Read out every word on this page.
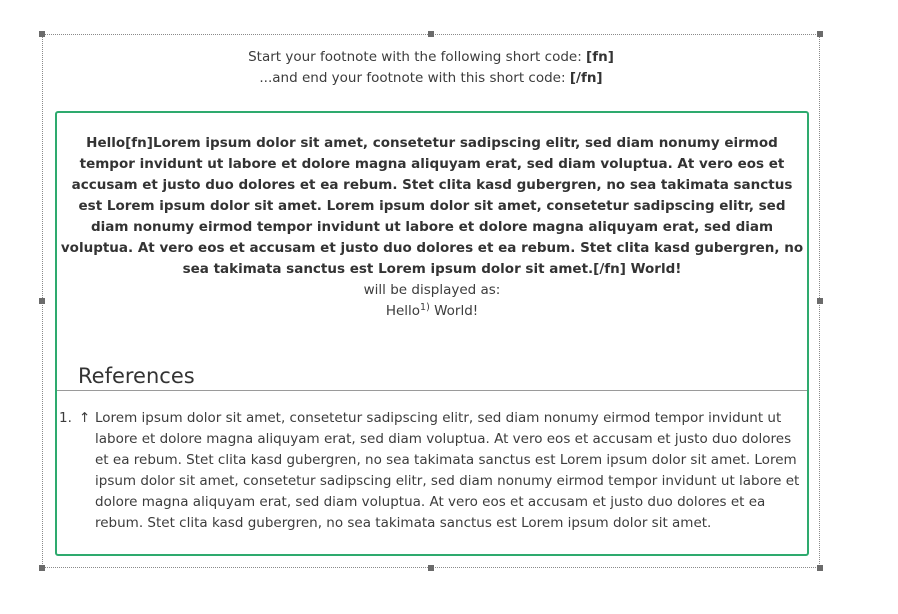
Start your footnote with the following short code: [fn]
...and end your footnote with this short code: [/fn]
Hello[fn]Lorem ipsum dolor sit amet, consetetur sadipscing elitr, sed diam nonumy eirmod tempor invidunt ut labore et dolore magna aliquyam erat, sed diam voluptua. At vero eos et accusam et justo duo dolores et ea rebum. Stet clita kasd gubergren, no sea takimata sanctus est Lorem ipsum dolor sit amet. Lorem ipsum dolor sit amet, consetetur sadipscing elitr, sed diam nonumy eirmod tempor invidunt ut labore et dolore magna aliquyam erat, sed diam voluptua. At vero eos et accusam et justo duo dolores et ea rebum. Stet clita kasd gubergren, no sea takimata sanctus est Lorem ipsum dolor sit amet.[/fn] World!
will be displayed as:
Hello$^{1)}$ World!
References
1. ↑ Lorem ipsum dolor sit amet, consetetur sadipscing elitr, sed diam nonumy eirmod tempor invidunt ut labore et dolore magna aliquyam erat, sed diam voluptua. At vero eos et accusam et justo duo dolores et ea rebum. Stet clita kasd gubergren, no sea takimata sanctus est Lorem ipsum dolor sit amet. Lorem ipsum dolor sit amet, consetetur sadipscing elitr, sed diam nonumy eirmod tempor invidunt ut labore et dolore magna aliquyam erat, sed diam voluptua. At vero eos et accusam et justo duo dolores et ea rebum. Stet clita kasd gubergren, no sea takimata sanctus est Lorem ipsum dolor sit amet.
